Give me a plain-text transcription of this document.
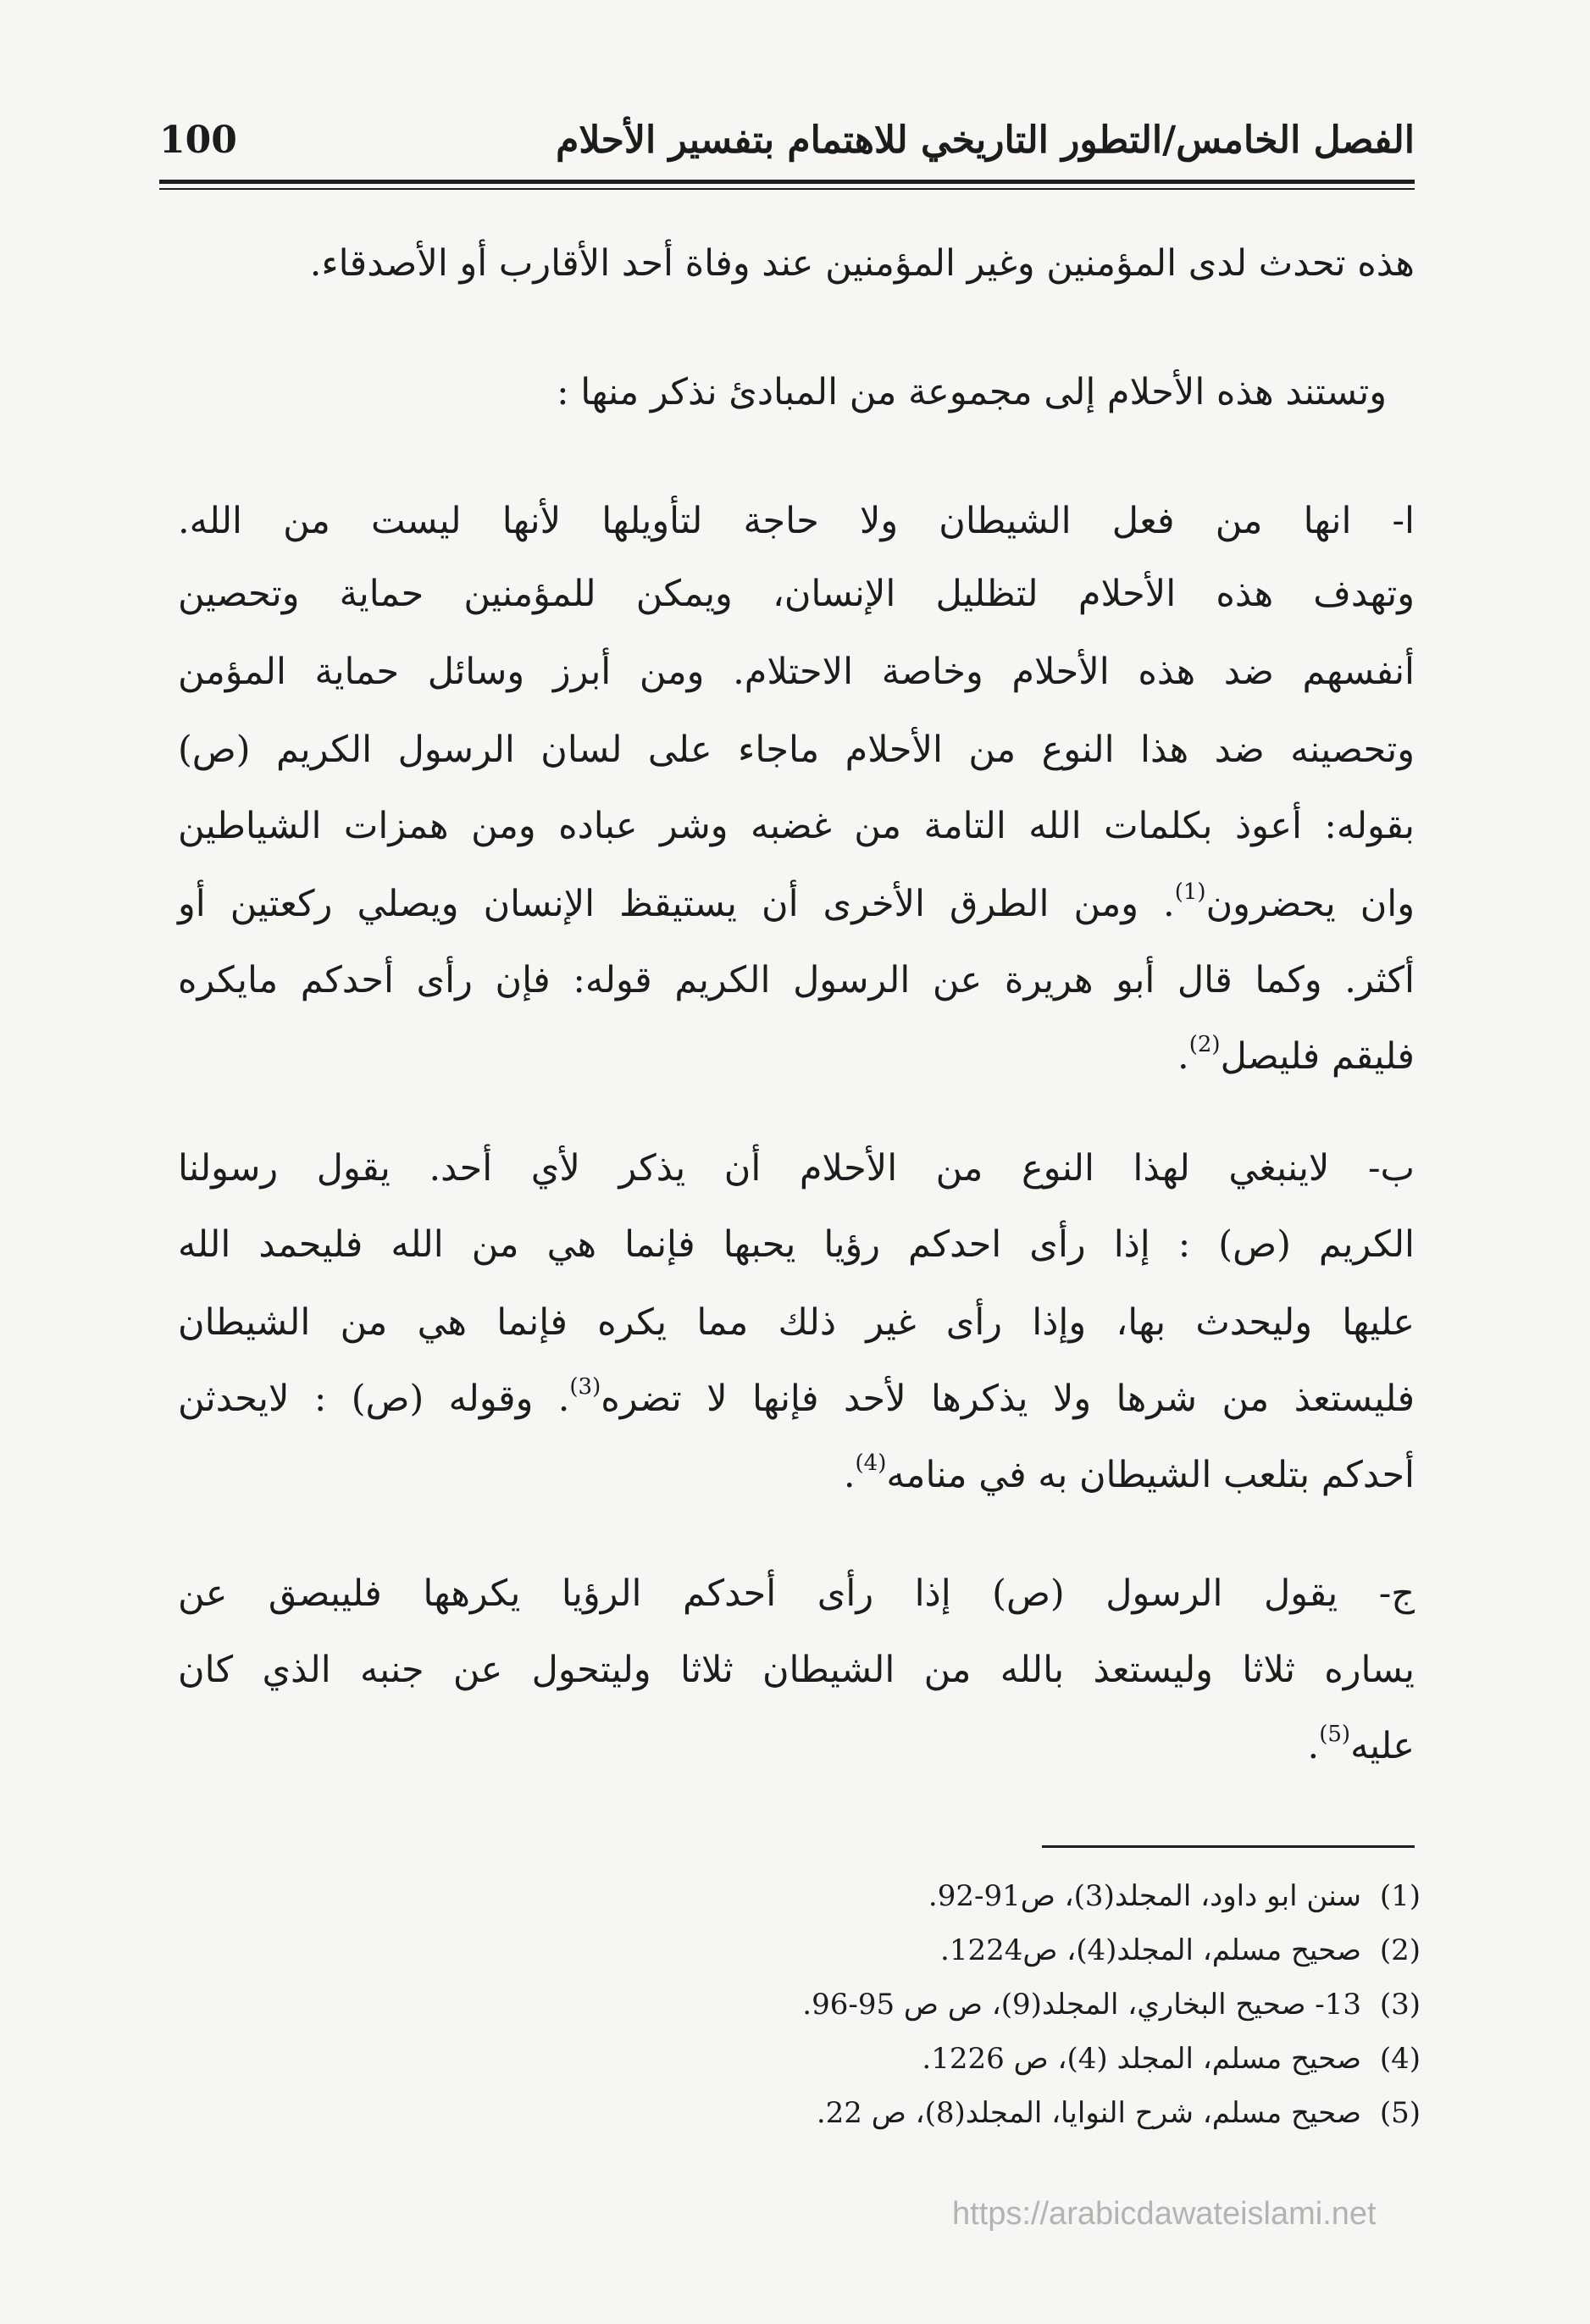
100	الفصل الخامس/التطور التاريخي للاهتمام بتفسير الأحلام
هذه تحدث لدى المؤمنين وغير المؤمنين عند وفاة أحد الأقارب أو الأصدقاء.
وتستند هذه الأحلام إلى مجموعة من المبادئ نذكر منها :
ا- انها من فعل الشيطان ولا حاجة لتأويلها لأنها ليست من الله.
وتهدف هذه الأحلام لتظليل الإنسان، ويمكن للمؤمنين حماية وتحصين
أنفسهم ضد هذه الأحلام وخاصة الاحتلام. ومن أبرز وسائل حماية المؤمن
وتحصينه ضد هذا النوع من الأحلام ماجاء على لسان الرسول الكريم (ص)
بقوله: أعوذ بكلمات الله التامة من غضبه وشر عباده ومن همزات الشياطين
وان يحضرون$^{(1)}$. ومن الطرق الأخرى أن يستيقظ الإنسان ويصلي ركعتين أو
أكثر. وكما قال أبو هريرة عن الرسول الكريم قوله: فإن رأى أحدكم مايكره
فليقم فليصل$^{(2)}$.
ب- لاينبغي لهذا النوع من الأحلام أن يذكر لأي أحد. يقول رسولنا
الكريم (ص) : إذا رأى احدكم رؤيا يحبها فإنما هي من الله فليحمد الله
عليها وليحدث بها، وإذا رأى غير ذلك مما يكره فإنما هي من الشيطان
فليستعذ من شرها ولا يذكرها لأحد فإنها لا تضره$^{(3)}$. وقوله (ص) : لايحدثن
أحدكم بتلعب الشيطان به في منامه$^{(4)}$.
ج- يقول الرسول (ص) إذا رأى أحدكم الرؤيا يكرهها فليبصق عن
يساره ثلاثا وليستعذ بالله من الشيطان ثلاثا وليتحول عن جنبه الذي كان
عليه$^{(5)}$.
(1)سنن ابو داود، المجلد(3)، ص91-92.
(2)صحيح مسلم، المجلد(4)، ص1224.
(3)13- صحيح البخاري، المجلد(9)، ص ص 95-96.
(4)صحيح مسلم، المجلد (4)، ص 1226.
(5)صحيح مسلم، شرح النوايا، المجلد(8)، ص 22.
https://arabicdawateislami.net
